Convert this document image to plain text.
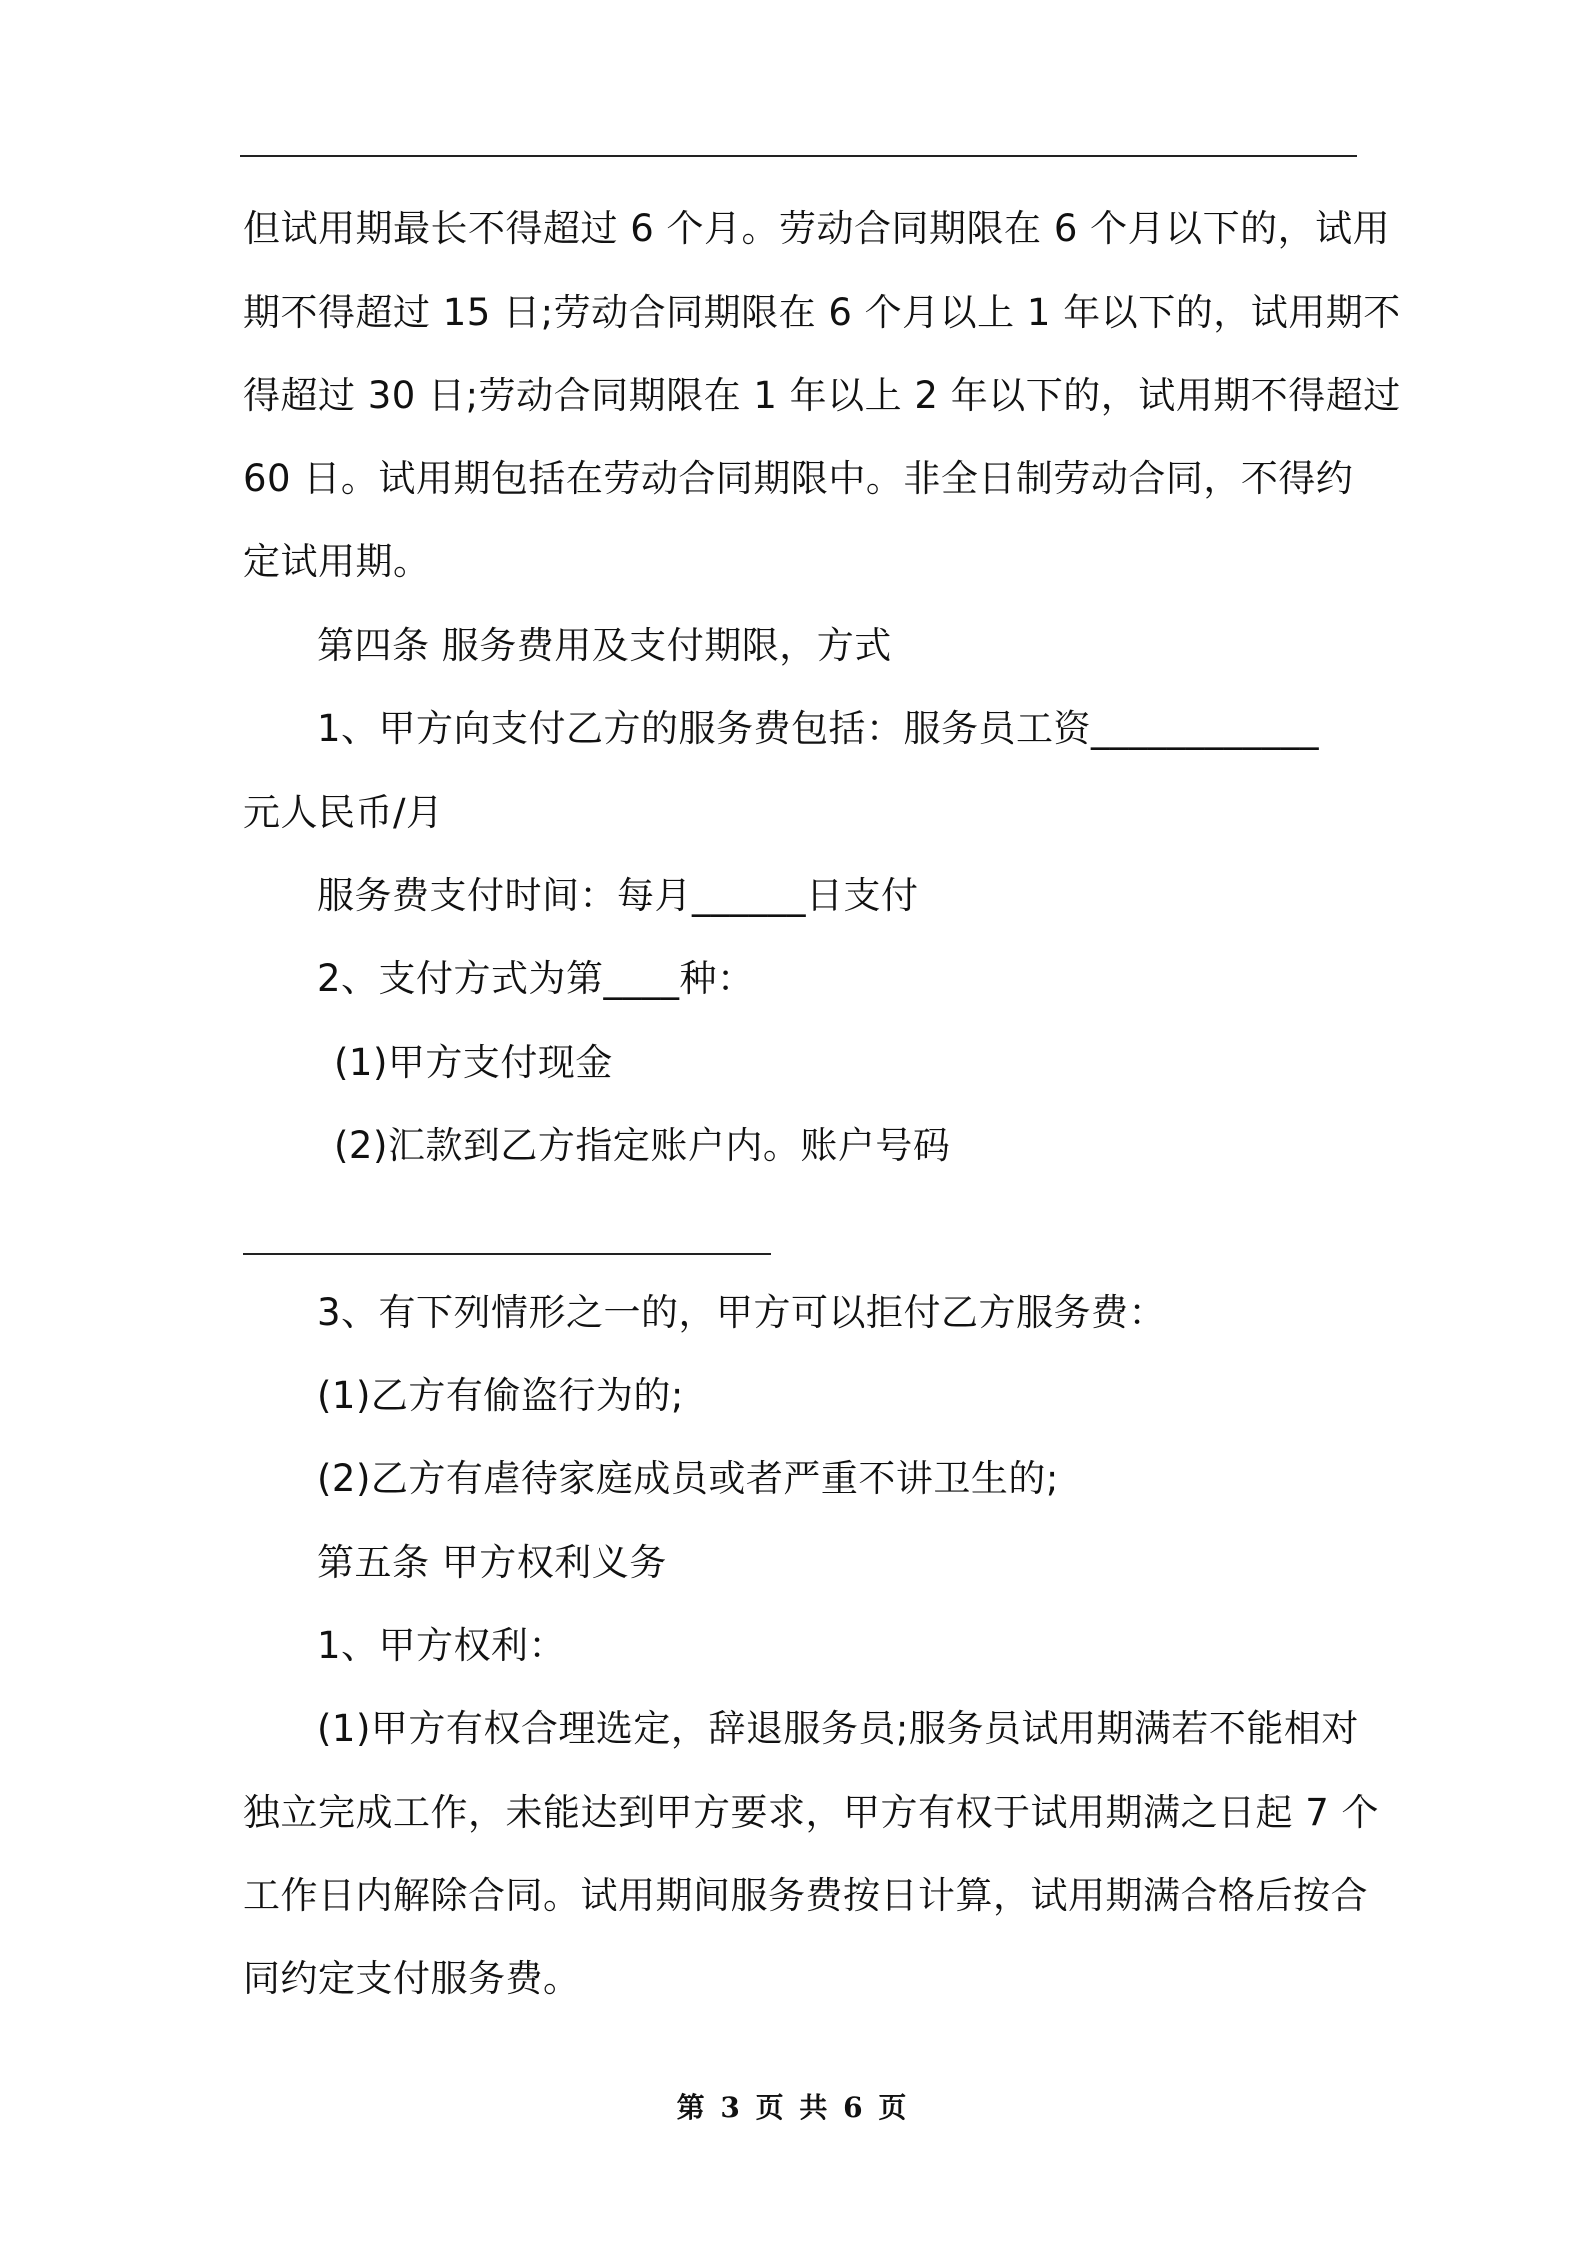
但试用期最长不得超过 6 个月。劳动合同期限在 6 个月以下的，试用
期不得超过 15 日;劳动合同期限在 6 个月以上 1 年以下的，试用期不
得超过 30 日;劳动合同期限在 1 年以上 2 年以下的，试用期不得超过
60 日。试用期包括在劳动合同期限中。非全日制劳动合同，不得约
定试用期。
第四条 服务费用及支付期限，方式
1、甲方向支付乙方的服务费包括：服务员工资____________
元人民币/月
服务费支付时间：每月______日支付
2、支付方式为第____种：
(1)甲方支付现金
(2)汇款到乙方指定账户内。账户号码
3、有下列情形之一的，甲方可以拒付乙方服务费：
(1)乙方有偷盗行为的;
(2)乙方有虐待家庭成员或者严重不讲卫生的;
第五条 甲方权利义务
1、甲方权利：
(1)甲方有权合理选定，辞退服务员;服务员试用期满若不能相对
独立完成工作，未能达到甲方要求，甲方有权于试用期满之日起 7 个
工作日内解除合同。试用期间服务费按日计算，试用期满合格后按合
同约定支付服务费。
第 3 页 共 6 页
